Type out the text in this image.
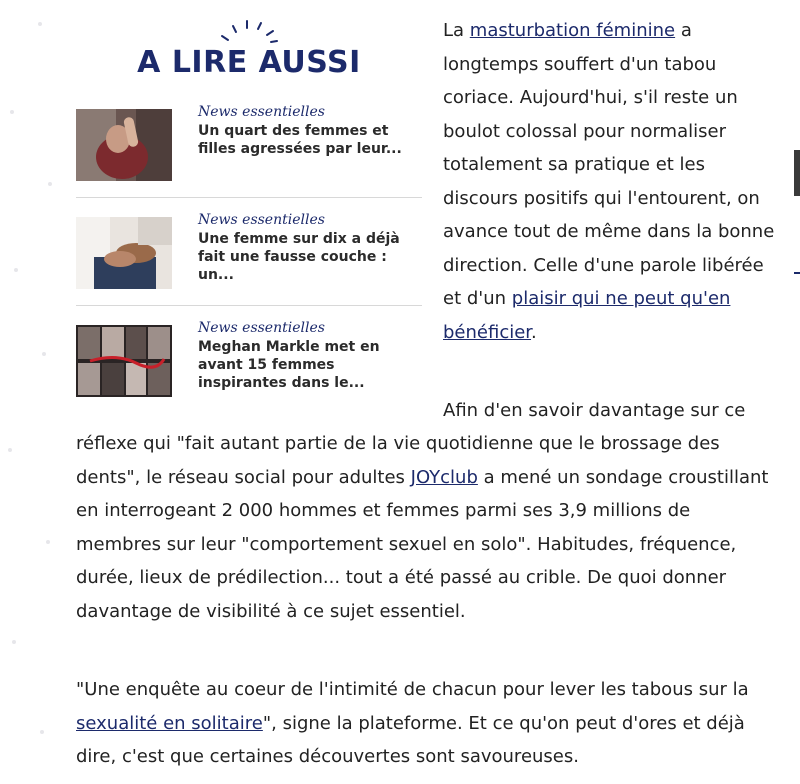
A LIRE AUSSI
News essentielles
Un quart des femmes et
filles agressées par leur...
News essentielles
Une femme sur dix a déjà
fait une fausse couche :
un...
News essentielles
Meghan Markle met en
avant 15 femmes
inspirantes dans le...

La masturbation féminine a longtemps souffert d'un tabou coriace. Aujourd'hui, s'il reste un boulot colossal pour normaliser totalement sa pratique et les discours positifs qui l'entourent, on avance tout de même dans la bonne direction. Celle d'une parole libérée et d'un plaisir qui ne peut qu'en bénéficier.

Afin d'en savoir davantage sur ce

réflexe qui "fait autant partie de la vie quotidienne que le brossage des dents", le réseau social pour adultes JOYclub a mené un sondage croustillant en interrogeant 2 000 hommes et femmes parmi ses 3,9 millions de membres sur leur "comportement sexuel en solo". Habitudes, fréquence, durée, lieux de prédilection... tout a été passé au crible. De quoi donner davantage de visibilité à ce sujet essentiel.

"Une enquête au coeur de l'intimité de chacun pour lever les tabous sur la sexualité en solitaire", signe la plateforme. Et ce qu'on peut d'ores et déjà dire, c'est que certaines découvertes sont savoureuses.
